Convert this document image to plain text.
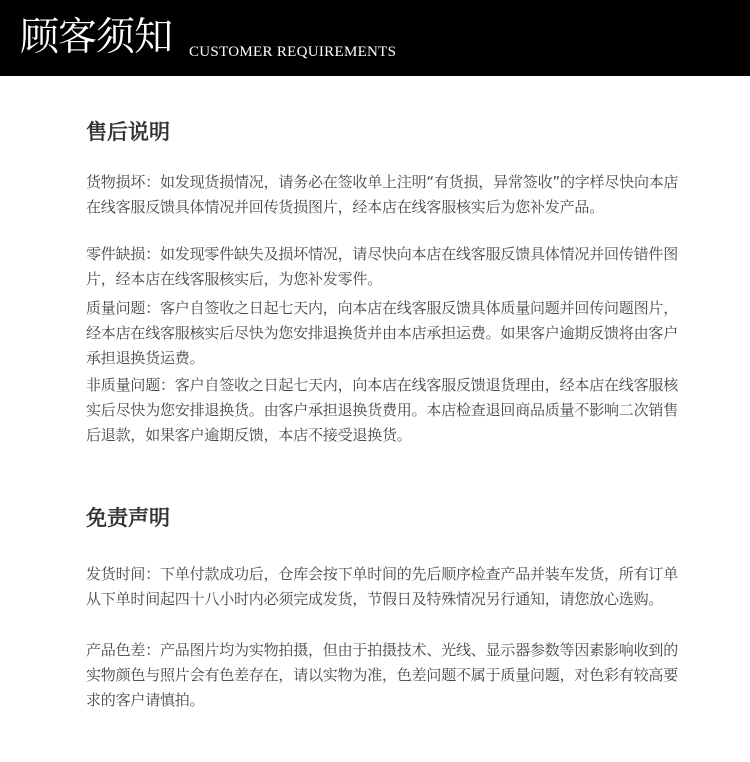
顾客须知 CUSTOMER REQUIREMENTS
售后说明

货物损坏：如发现货损情况，请务必在签收单上注明“有货损，异常签收”的字样尽快向本店在线客服反馈具体情况并回传货损图片，经本店在线客服核实后为您补发产品。

零件缺损：如发现零件缺失及损坏情况，请尽快向本店在线客服反馈具体情况并回传错件图片，经本店在线客服核实后，为您补发零件。

质量问题：客户自签收之日起七天内，向本店在线客服反馈具体质量问题并回传问题图片，经本店在线客服核实后尽快为您安排退换货并由本店承担运费。如果客户逾期反馈将由客户承担退换货运费。

非质量问题：客户自签收之日起七天内，向本店在线客服反馈退货理由，经本店在线客服核实后尽快为您安排退换货。由客户承担退换货费用。本店检查退回商品质量不影响二次销售后退款，如果客户逾期反馈，本店不接受退换货。

免责声明

发货时间：下单付款成功后，仓库会按下单时间的先后顺序检查产品并装车发货，所有订单从下单时间起四十八小时内必须完成发货，节假日及特殊情况另行通知，请您放心选购。

产品色差：产品图片均为实物拍摄，但由于拍摄技术、光线、显示器参数等因素影响收到的实物颜色与照片会有色差存在，请以实物为准，色差问题不属于质量问题，对色彩有较高要求的客户请慎拍。
